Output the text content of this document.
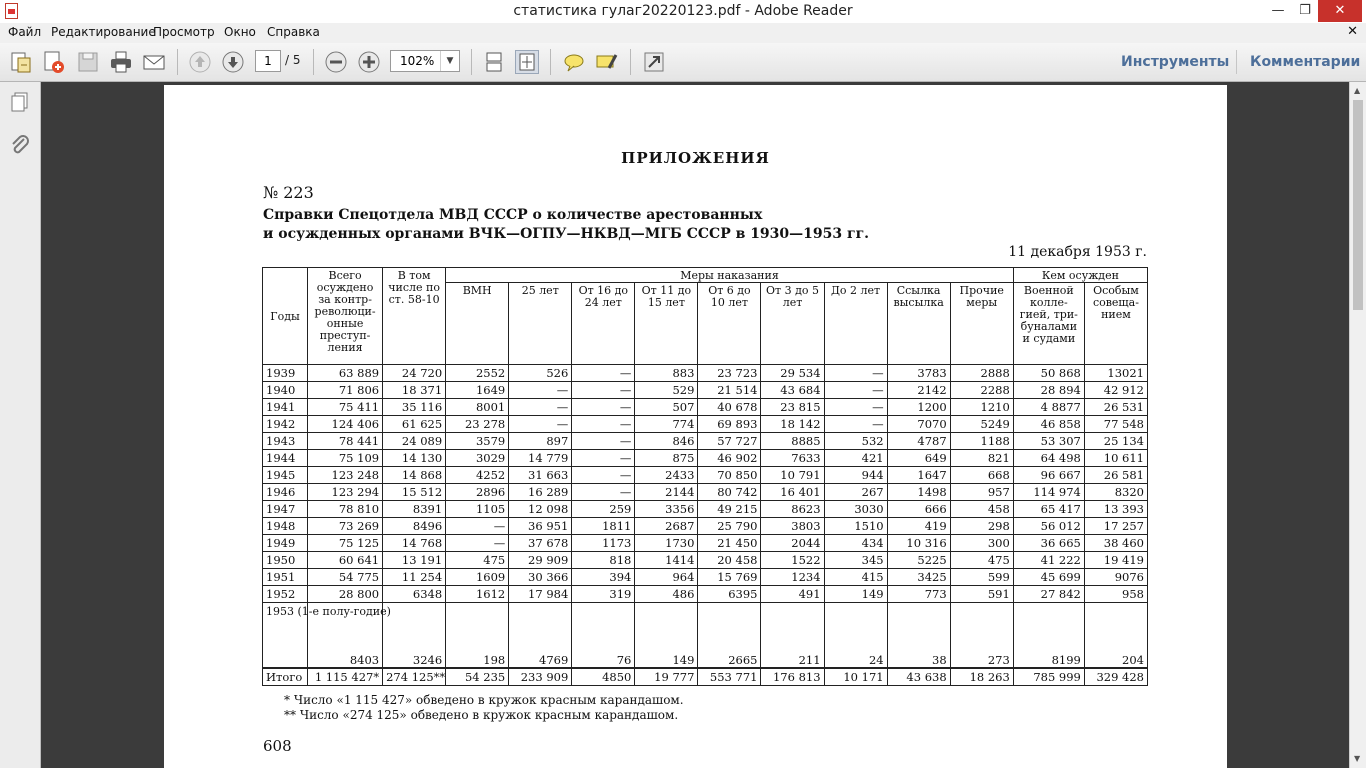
статистика гулаг20220123.pdf - Adobe Reader	—	❐	✕
Файл Редактирование
Просмотр Окно Справка	✕
1	/ 5	102%	▼	Инструменты Комментарии
ПРИЛОЖЕНИЯ
№ 223
Справки Спецотдела МВД СССР о количестве арестованных
и осужденных органами ВЧК—ОГПУ—НКВД—МГБ СССР в 1930—1953 гг.
11 декабря 1953 г.
Годы	Всего осуждено за контр-революци-онные преступ-ления	В том числе по ст. 58-10	Меры наказания									Кем осужден	
			ВМН	25 лет	От 16 до 24 лет	От 11 до 15 лет	От 6 до 10 лет	От 3 до 5 лет	До 2 лет	Ссылка высылка	Прочие меры	Военной колле-гией, три-буналами и судами	Особым совеща-нием
1939	63 889	24 720	2552	526	—	883	23 723	29 534	—	3783	2888	50 868	13021
1940	71 806	18 371	1649	—	—	529	21 514	43 684	—	2142	2288	28 894	42 912
1941	75 411	35 116	8001	—	—	507	40 678	23 815	—	1200	1210	4 8877	26 531
1942	124 406	61 625	23 278	—	—	774	69 893	18 142	—	7070	5249	46 858	77 548
1943	78 441	24 089	3579	897	—	846	57 727	8885	532	4787	1188	53 307	25 134
1944	75 109	14 130	3029	14 779	—	875	46 902	7633	421	649	821	64 498	10 611
1945	123 248	14 868	4252	31 663	—	2433	70 850	10 791	944	1647	668	96 667	26 581
1946	123 294	15 512	2896	16 289	—	2144	80 742	16 401	267	1498	957	114 974	8320
1947	78 810	8391	1105	12 098	259	3356	49 215	8623	3030	666	458	65 417	13 393
1948	73 269	8496	—	36 951	1811	2687	25 790	3803	1510	419	298	56 012	17 257
1949	75 125	14 768	—	37 678	1173	1730	21 450	2044	434	10 316	300	36 665	38 460
1950	60 641	13 191	475	29 909	818	1414	20 458	1522	345	5225	475	41 222	19 419
1951	54 775	11 254	1609	30 366	394	964	15 769	1234	415	3425	599	45 699	9076
1952	28 800	6348	1612	17 984	319	486	6395	491	149	773	591	27 842	958
1953 (1-е полу-годие)	8403	3246	198	4769	76	149	2665	211	24	38	273	8199	204
Итого	1 115 427*	274 125**	54 235	233 909	4850	19 777	553 771	176 813	10 171	43 638	18 263	785 999	329 428
* Число «1 115 427» обведено в кружок красным карандашом.
** Число «274 125» обведено в кружок красным карандашом.
608
▲
▼
